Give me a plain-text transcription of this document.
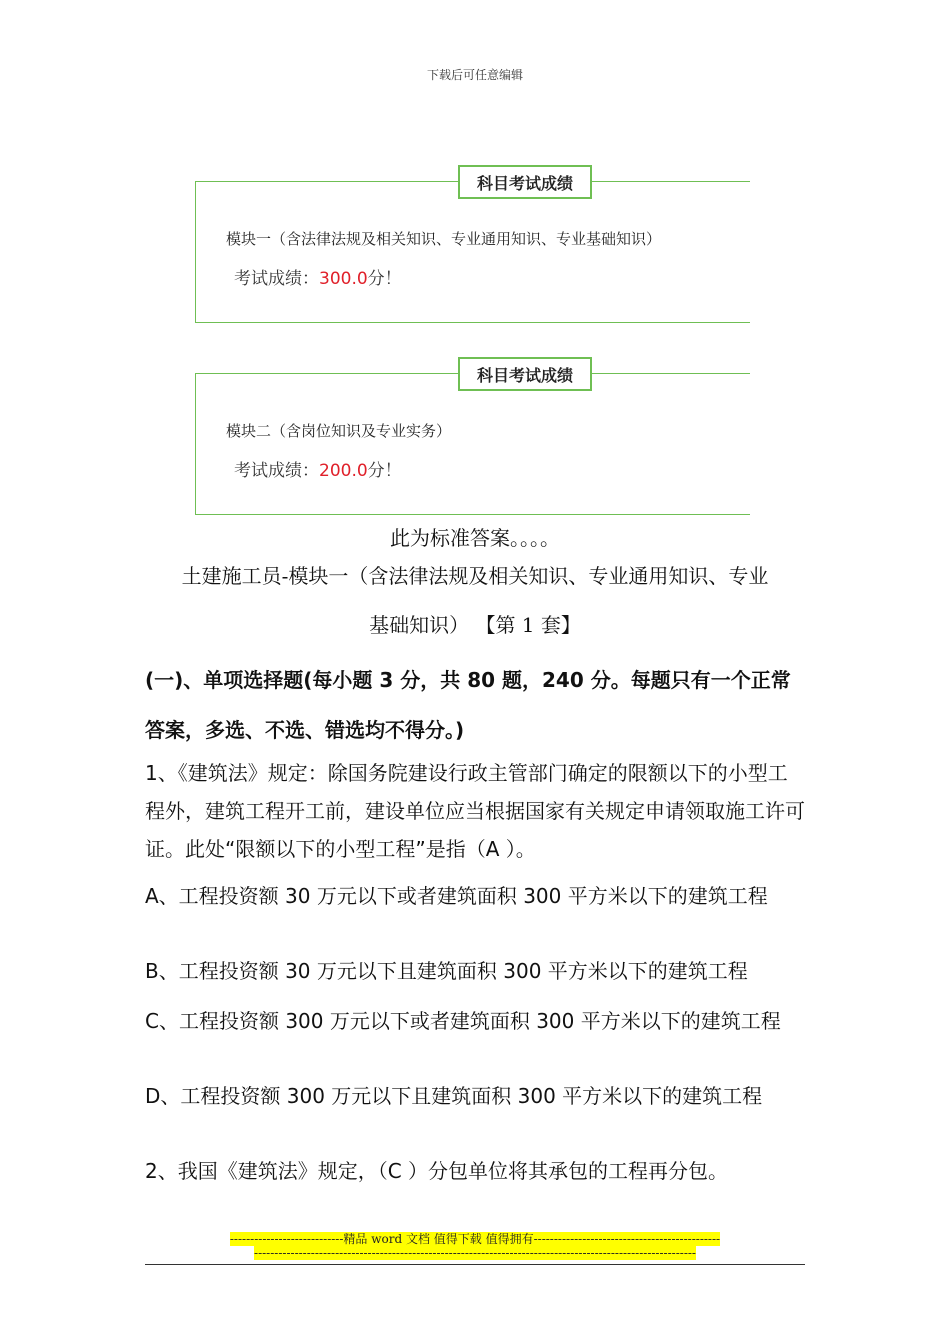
下载后可任意编辑
科目考试成绩
模块一（含法律法规及相关知识、专业通用知识、专业基础知识）
考试成绩：300.0分！
科目考试成绩
模块二（含岗位知识及专业实务）
考试成绩：200.0分！
此为标准答案。。。。
土建施工员-模块一（含法律法规及相关知识、专业通用知识、专业
基础知识） 【第 1 套】
(一)、单项选择题(每小题 3 分，共 80 题，240 分。每题只有一个正常答案，多选、不选、错选均不得分。)
1、《建筑法》规定：除国务院建设行政主管部门确定的限额以下的小型工程外，建筑工程开工前，建设单位应当根据国家有关规定申请领取施工许可证。此处“限额以下的小型工程”是指（A ）。
A、工程投资额 30 万元以下或者建筑面积 300 平方米以下的建筑工程
B、工程投资额 30 万元以下且建筑面积 300 平方米以下的建筑工程
C、工程投资额 300 万元以下或者建筑面积 300 平方米以下的建筑工程
D、工程投资额 300 万元以下且建筑面积 300 平方米以下的建筑工程
2、我国《建筑法》规定，（C ）分包单位将其承包的工程再分包。
----------------------------精品 word 文档 值得下载 值得拥有----------------------------------------------
-------------------------------------------------------------------------------------------------------------
